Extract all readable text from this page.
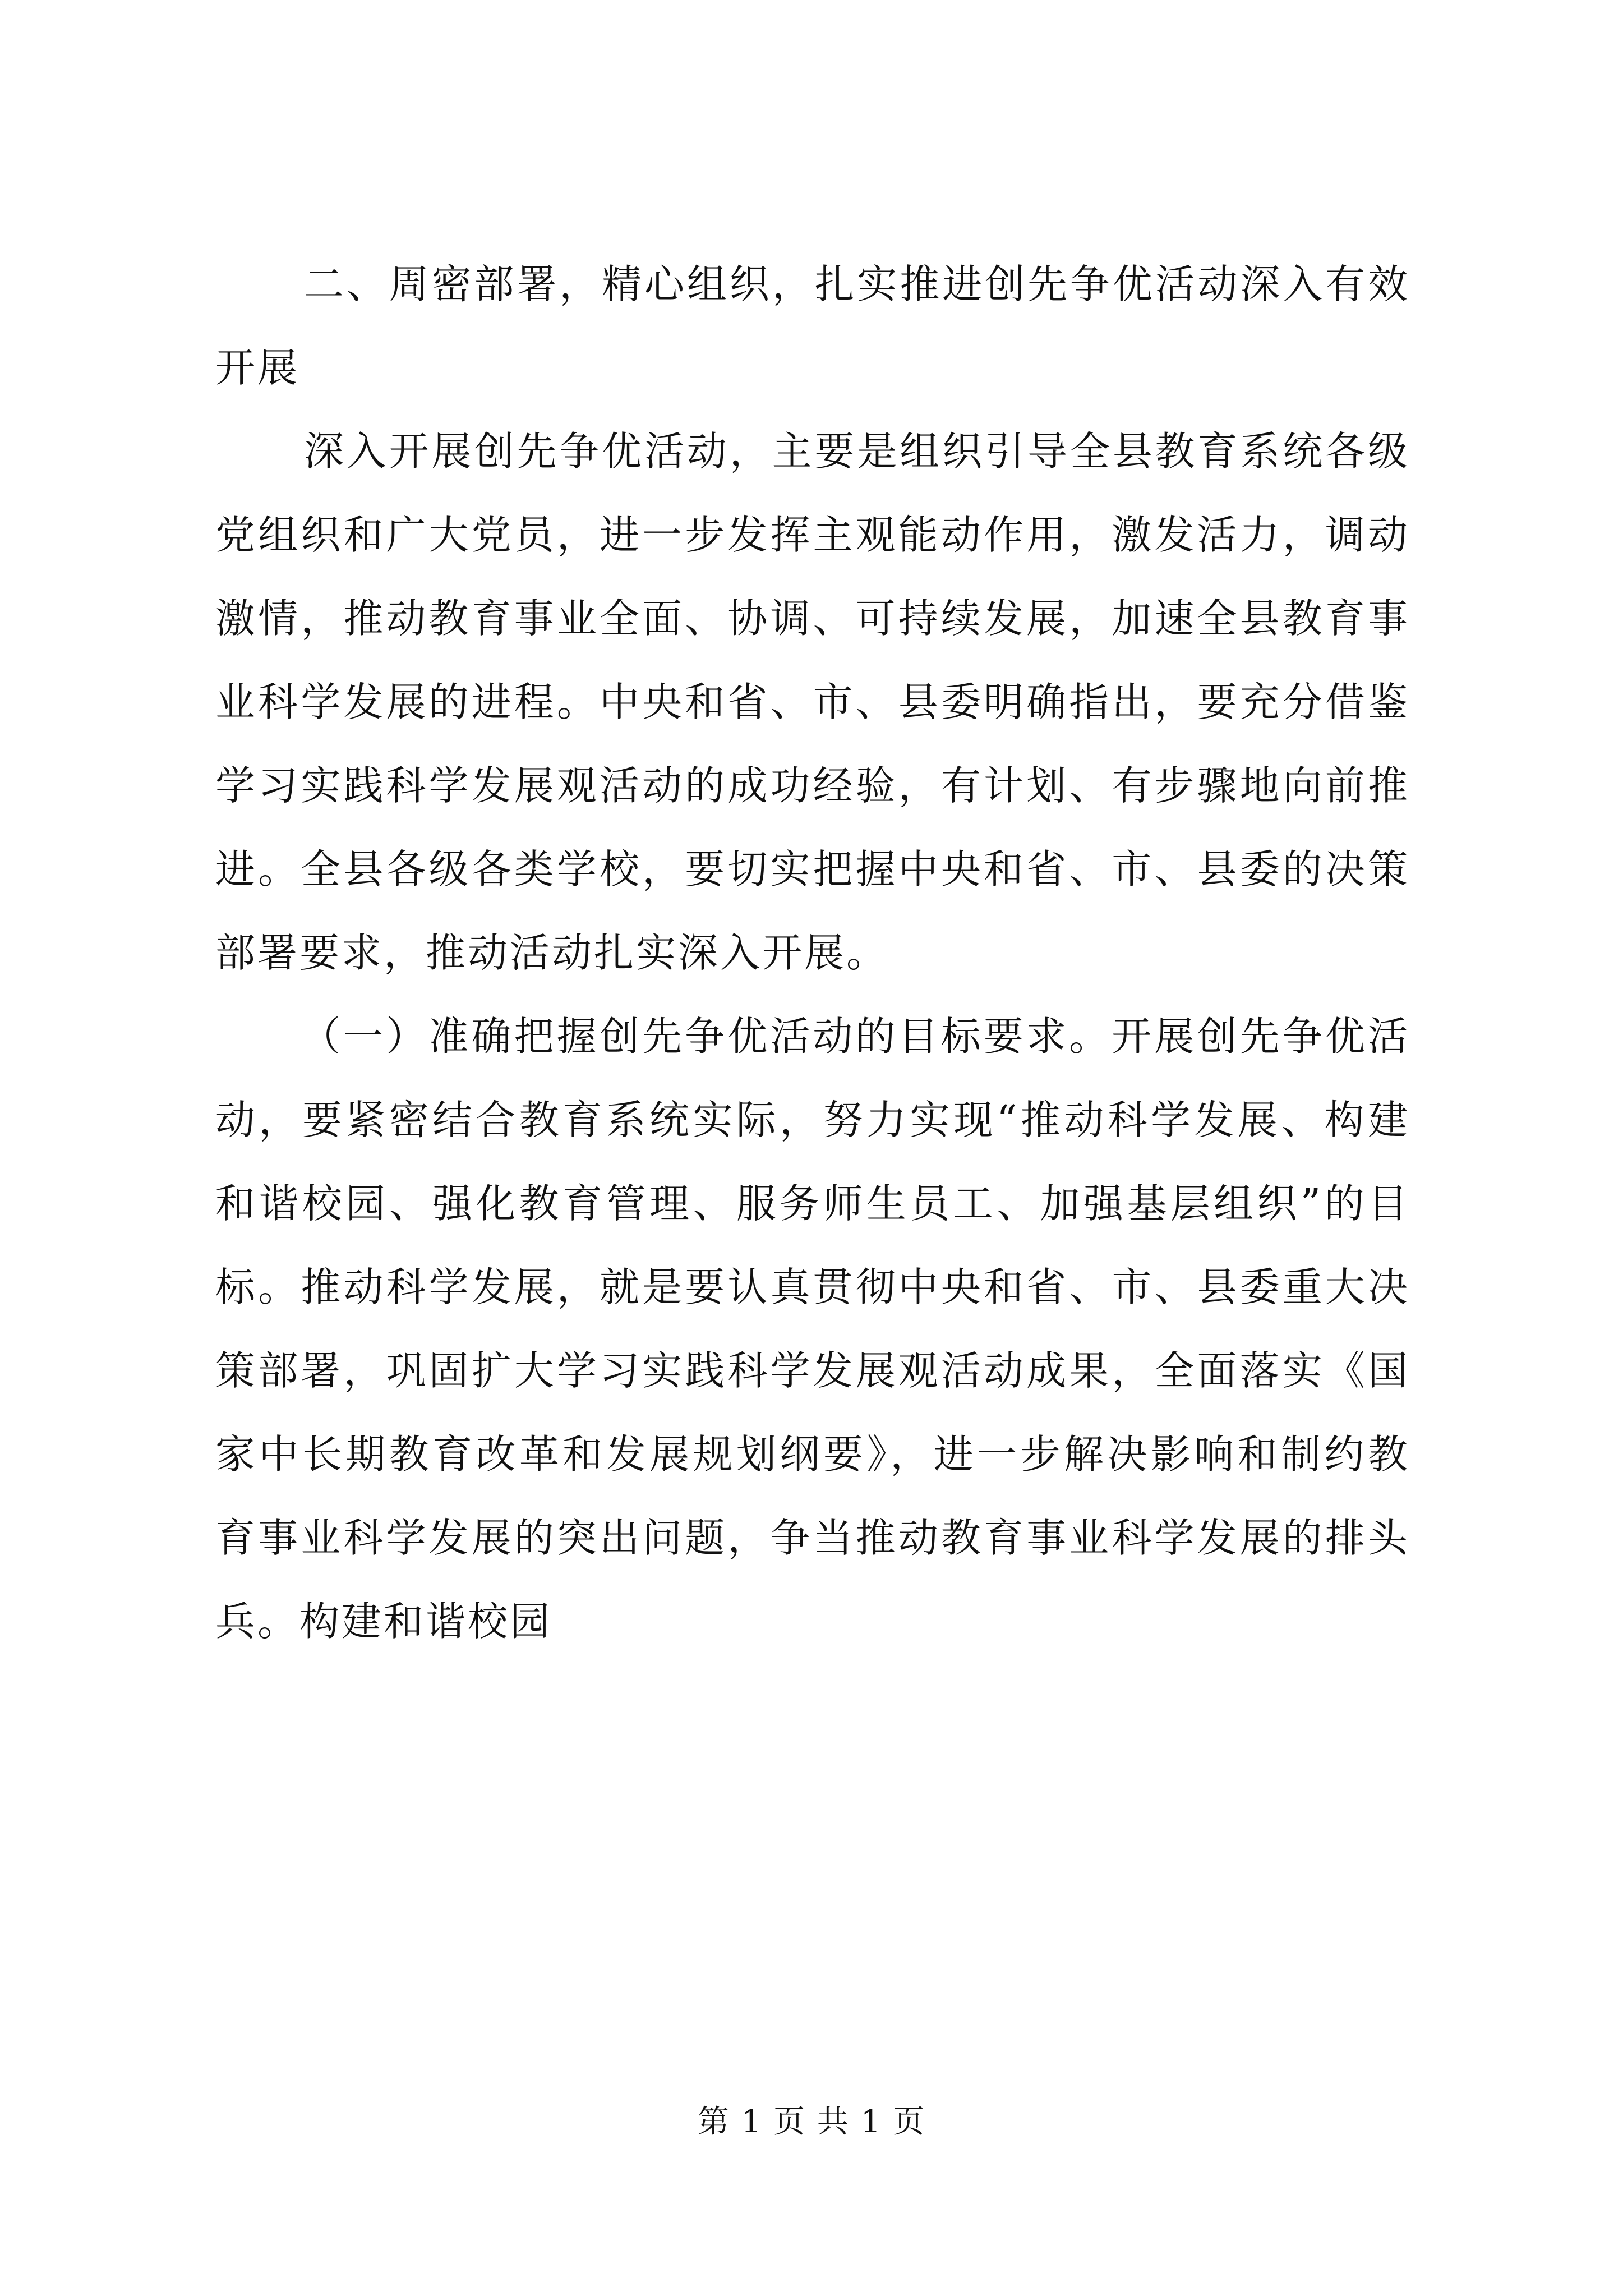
二、周密部署，精心组织，扎实推进创先争优活动深入有效开展

深入开展创先争优活动，主要是组织引导全县教育系统各级党组织和广大党员，进一步发挥主观能动作用，激发活力，调动激情，推动教育事业全面、协调、可持续发展，加速全县教育事业科学发展的进程。中央和省、市、县委明确指出，要充分借鉴学习实践科学发展观活动的成功经验，有计划、有步骤地向前推进。全县各级各类学校，要切实把握中央和省、市、县委的决策部署要求，推动活动扎实深入开展。

（一）准确把握创先争优活动的目标要求。开展创先争优活动，要紧密结合教育系统实际，努力实现“推动科学发展、构建和谐校园、强化教育管理、服务师生员工、加强基层组织”的目标。推动科学发展，就是要认真贯彻中央和省、市、县委重大决策部署，巩固扩大学习实践科学发展观活动成果，全面落实《国家中长期教育改革和发展规划纲要》，进一步解决影响和制约教育事业科学发展的突出问题，争当推动教育事业科学发展的排头兵。构建和谐校园

第 1 页 共 1 页
